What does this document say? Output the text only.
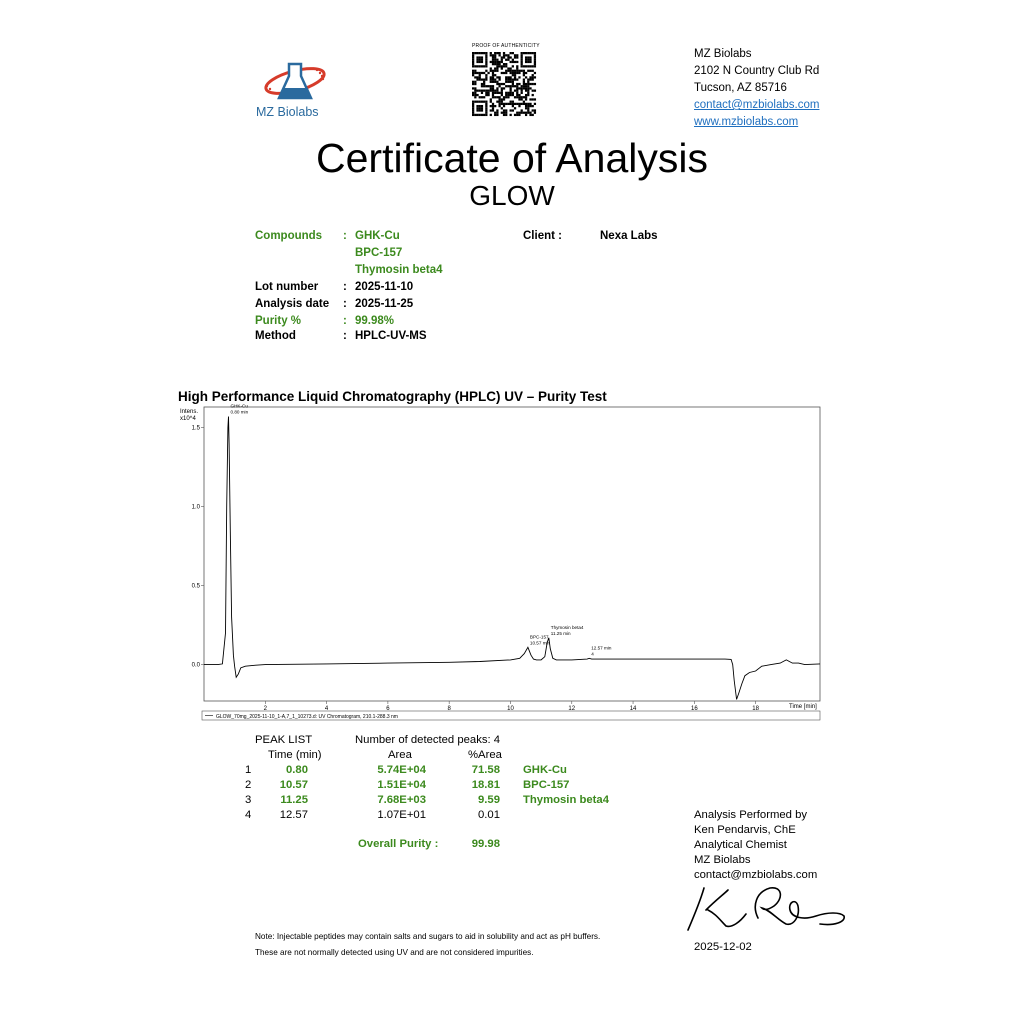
MZ Biolabs
PROOF OF AUTHENTICITY
MZ Biolabs
2102 N Country Club Rd
Tucson, AZ 85716
contact@mzbiolabs.com
www.mzbiolabs.com
Certificate of Analysis
GLOW
Compounds : GHK-Cu
BPC-157
Thymosin beta4
Client :	Nexa Labs
Lot number : 2025-11-10
Analysis date : 2025-11-25
Purity %	: 99.98%
Method	: HPLC-UV-MS
High Performance Liquid Chromatography (HPLC) UV – Purity Test
Intens.
x10^4
Time [min]
0.0
0.5
1.0
1.5
2	4	6	8	10	12	14	16	18
GHK-Cu
0.80 min
BPC-157
10.57 min
Thymosin beta4
11.25 min
12.57 min
4
GLOW_70mg_2025-11-10_1-A,7_1_10273.d: UV Chromatogram, 210.1-288.3 nm
PEAK LIST	Number of detected peaks: 4
Time (min)	Area	%Area
1	0.80	5.74E+04	71.58 GHK-Cu
2	10.57	1.51E+04	18.81 BPC-157
3	11.25	7.68E+03	9.59 Thymosin beta4
4	12.57	1.07E+01	0.01
Overall Purity :	99.98
Analysis Performed by
Ken Pendarvis, ChE
Analytical Chemist
MZ Biolabs
contact@mzbiolabs.com
2025-12-02
Note: Injectable peptides may contain salts and sugars to aid in solubility and act as pH buffers.
These are not normally detected using UV and are not considered impurities.
